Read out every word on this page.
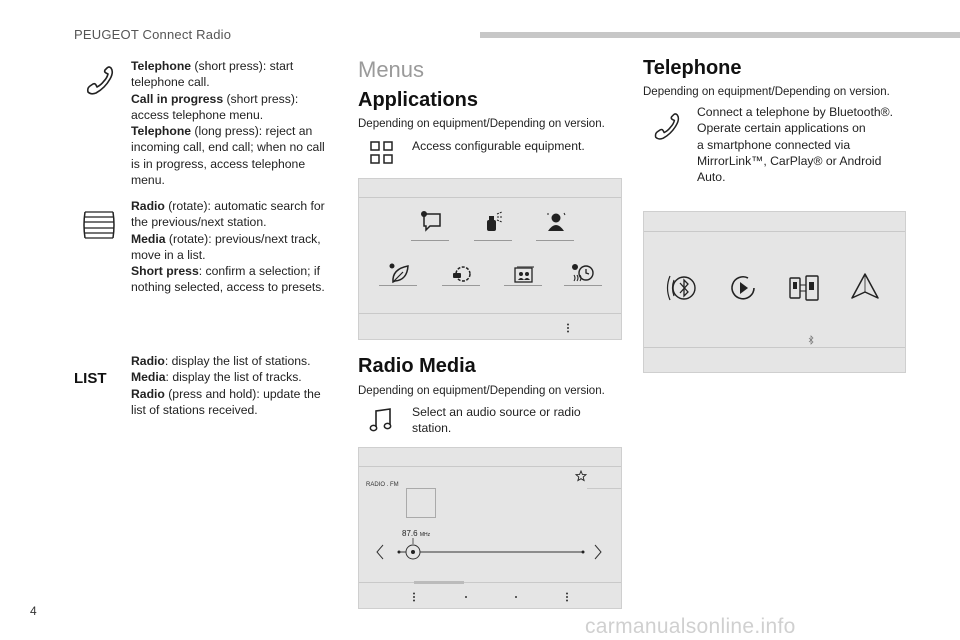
PEUGEOT Connect Radio
Telephone (short press): start telephone call.
Call in progress (short press): access telephone menu.
Telephone (long press): reject an incoming call, end call; when no call is in progress, access telephone menu.
Radio (rotate): automatic search for the previous/next station.
Media (rotate): previous/next track, move in a list.
Short press: confirm a selection; if nothing selected, access to presets.
LIST
Radio: display the list of stations.
Media: display the list of tracks.
Radio (press and hold): update the list of stations received.
Menus
Applications
Depending on equipment/Depending on version.
Access configurable equipment.
Radio Media
Depending on equipment/Depending on version.
Select an audio source or radio station.
RADIO . FM
87.6 MHz
Telephone
Depending on equipment/Depending on version.
Connect a telephone by Bluetooth®.
Operate certain applications on
a smartphone connected via
MirrorLink™, CarPlay® or Android
Auto.
4
carmanualsonline.info
